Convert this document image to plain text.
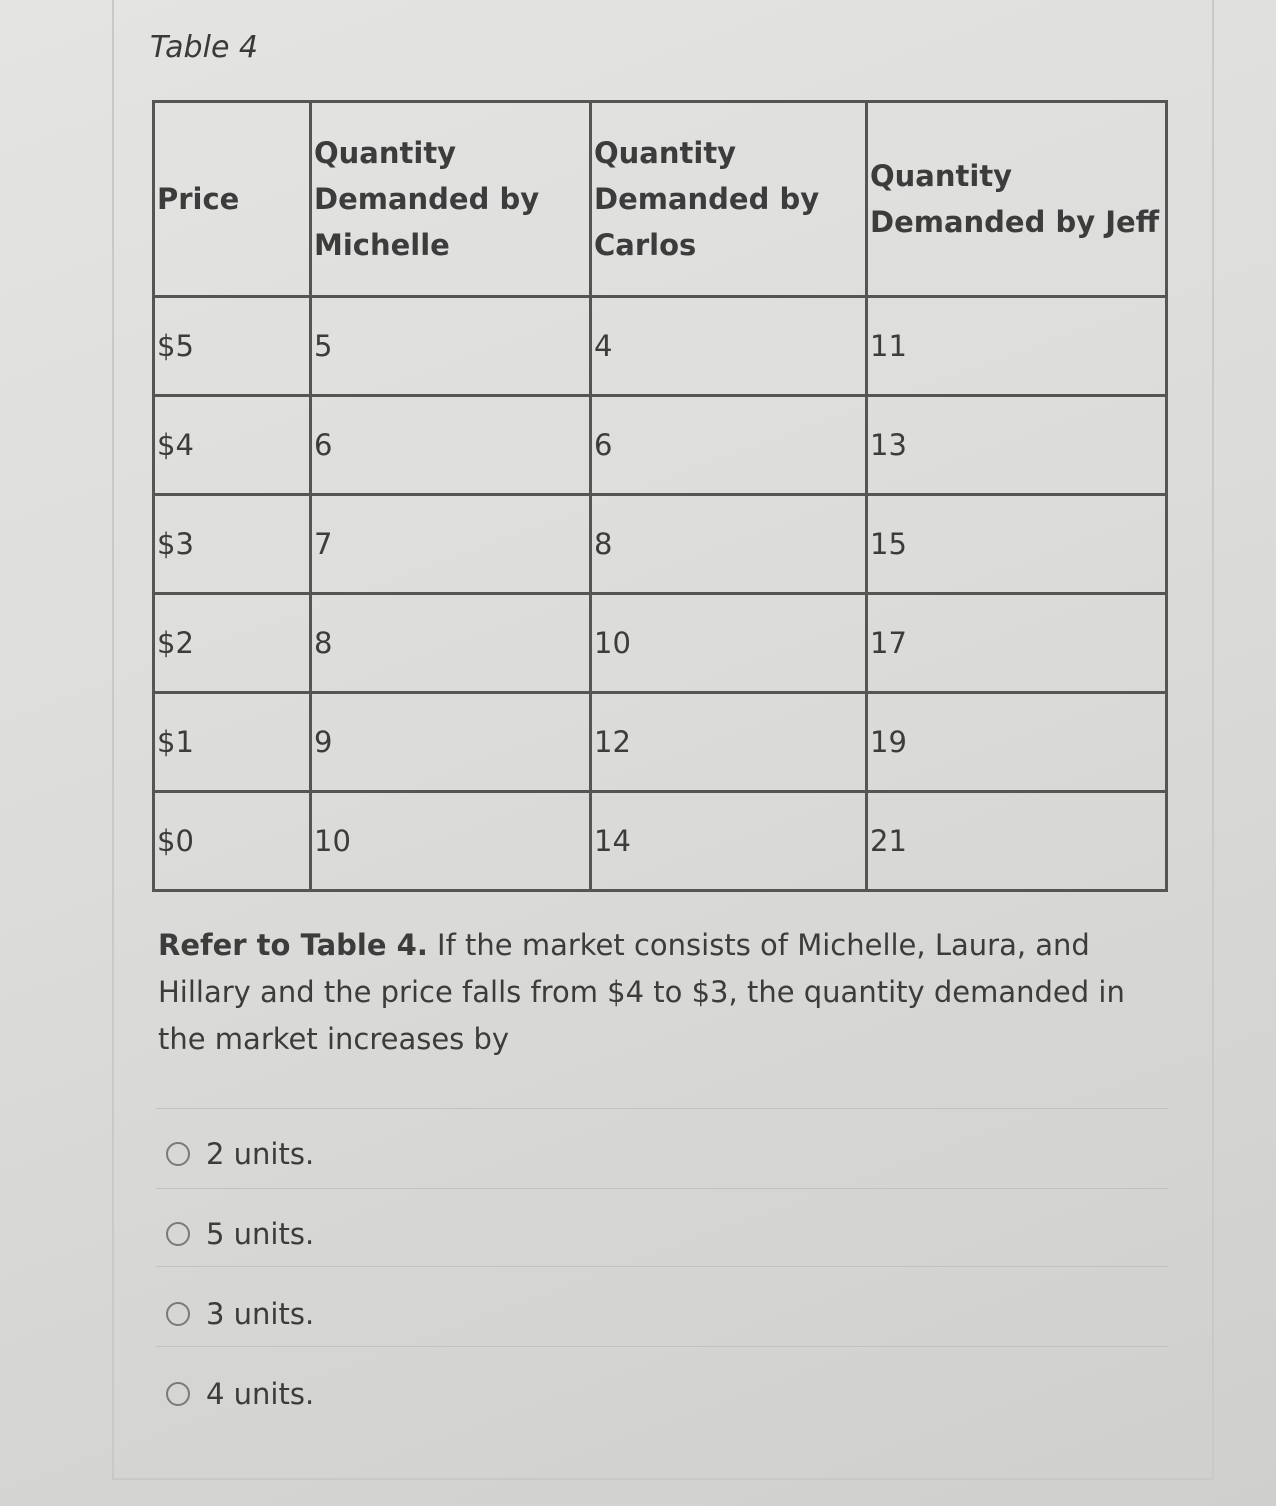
Table 4
Price	Quantity Demanded by Michelle	Quantity Demanded by Carlos	Quantity Demanded by Jeff
$5	5	4	11
$4	6	6	13
$3	7	8	15
$2	8	10	17
$1	9	12	19
$0	10	14	21
Refer to Table 4. If the market consists of Michelle, Laura, and Hillary and the price falls from $4 to $3, the quantity demanded in the market increases by
2 units.
5 units.
3 units.
4 units.
